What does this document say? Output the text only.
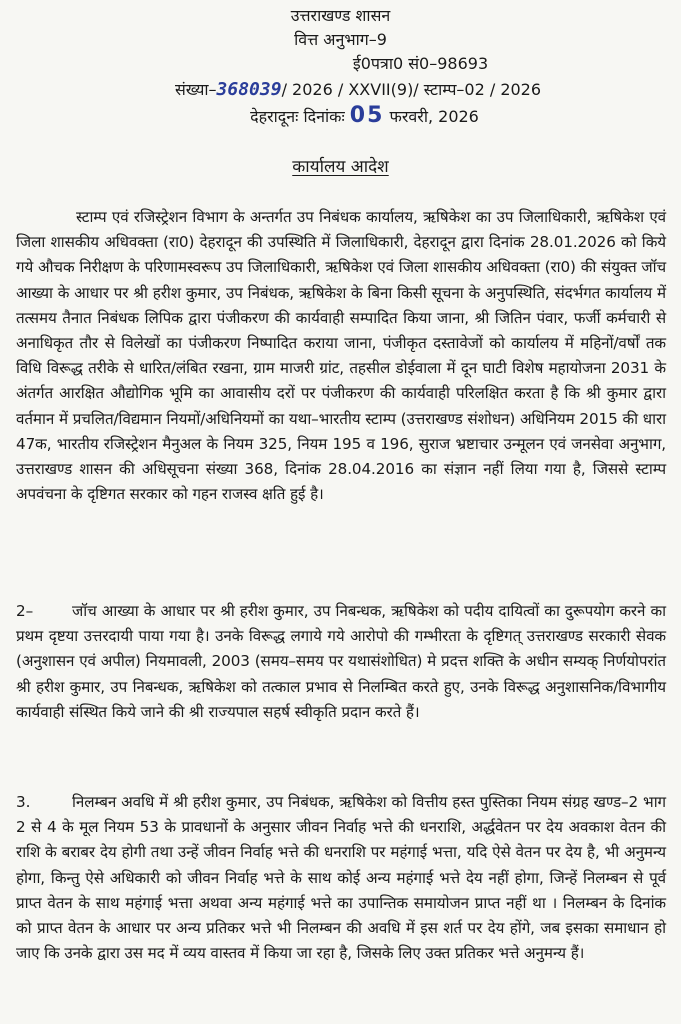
उत्तराखण्ड शासन
वित्त अनुभाग–9
ई0पत्रा0 सं0–98693
संख्या–368039/ 2026 / XXVII(9)/ स्टाम्प–02 / 2026
देहरादूनः दिनांकः 05 फरवरी, 2026
कार्यालय आदेश
स्टाम्प एवं रजिस्ट्रेशन विभाग के अन्तर्गत उप निबंधक कार्यालय, ऋषिकेश का उप जिलाधिकारी, ऋषिकेश एवं जिला शासकीय अधिवक्ता (रा0) देहरादून की उपस्थिति में जिलाधिकारी, देहरादून द्वारा दिनांक 28.01.2026 को किये गये औचक निरीक्षण के परिणामस्वरूप उप जिलाधिकारी, ऋषिकेश एवं जिला शासकीय अधिवक्ता (रा0) की संयुक्त जॉच आख्या के आधार पर श्री हरीश कुमार, उप निबंधक, ऋषिकेश के बिना किसी सूचना के अनुपस्थिति, संदर्भगत कार्यालय में तत्समय तैनात निबंधक लिपिक द्वारा पंजीकरण की कार्यवाही सम्पादित किया जाना, श्री जितिन पंवार, फर्जी कर्मचारी से अनाधिकृत तौर से विलेखों का पंजीकरण निष्पादित कराया जाना, पंजीकृत दस्तावेजों को कार्यालय में महिनों/वर्षों तक विधि विरूद्ध तरीके से धारित/लंबित रखना, ग्राम माजरी ग्रांट, तहसील डोईवाला में दून घाटी विशेष महायोजना 2031 के अंतर्गत आरक्षित औद्योगिक भूमि का आवासीय दरों पर पंजीकरण की कार्यवाही परिलक्षित करता है कि श्री कुमार द्वारा वर्तमान में प्रचलित/विद्यमान नियमों/अधिनियमों का यथा–भारतीय स्टाम्प (उत्तराखण्ड संशोधन) अधिनियम 2015 की धारा 47क, भारतीय रजिस्ट्रेशन मैनुअल के नियम 325, नियम 195 व 196, सुराज भ्रष्टाचार उन्मूलन एवं जनसेवा अनुभाग, उत्तराखण्ड शासन की अधिसूचना संख्या 368, दिनांक 28.04.2016 का संज्ञान नहीं लिया गया है, जिससे स्टाम्प अपवंचना के दृष्टिगत सरकार को गहन राजस्व क्षति हुई है।
2–	जॉच आख्या के आधार पर श्री हरीश कुमार, उप निबन्धक, ऋषिकेश को पदीय दायित्वों का दुरूपयोग करने का प्रथम दृष्टया उत्तरदायी पाया गया है। उनके विरूद्ध लगाये गये आरोपो की गम्भीरता के दृष्टिगत् उत्तराखण्ड सरकारी सेवक (अनुशासन एवं अपील) नियमावली, 2003 (समय–समय पर यथासंशोधित) मे प्रदत्त शक्ति के अधीन सम्यक् निर्णयोपरांत श्री हरीश कुमार, उप निबन्धक, ऋषिकेश को तत्काल प्रभाव से निलम्बित करते हुए, उनके विरूद्ध अनुशासनिक/विभागीय कार्यवाही संस्थित किये जाने की श्री राज्यपाल सहर्ष स्वीकृति प्रदान करते हैं।
3.	निलम्बन अवधि में श्री हरीश कुमार, उप निबंधक, ऋषिकेश को वित्तीय हस्त पुस्तिका नियम संग्रह खण्ड–2 भाग 2 से 4 के मूल नियम 53 के प्रावधानों के अनुसार जीवन निर्वाह भत्ते की धनराशि, अर्द्धवेतन पर देय अवकाश वेतन की राशि के बराबर देय होगी तथा उन्हें जीवन निर्वाह भत्ते की धनराशि पर महंगाई भत्ता, यदि ऐसे वेतन पर देय है, भी अनुमन्य होगा, किन्तु ऐसे अधिकारी को जीवन निर्वाह भत्ते के साथ कोई अन्य महंगाई भत्ते देय नहीं होगा, जिन्हें निलम्बन से पूर्व प्राप्त वेतन के साथ महंगाई भत्ता अथवा अन्य महंगाई भत्ते का उपान्तिक समायोजन प्राप्त नहीं था । निलम्बन के दिनांक को प्राप्त वेतन के आधार पर अन्य प्रतिकर भत्ते भी निलम्बन की अवधि में इस शर्त पर देय होंगे, जब इसका समाधान हो जाए कि उनके द्वारा उस मद में व्यय वास्तव में किया जा रहा है, जिसके लिए उक्त प्रतिकर भत्ते अनुमन्य हैं।
